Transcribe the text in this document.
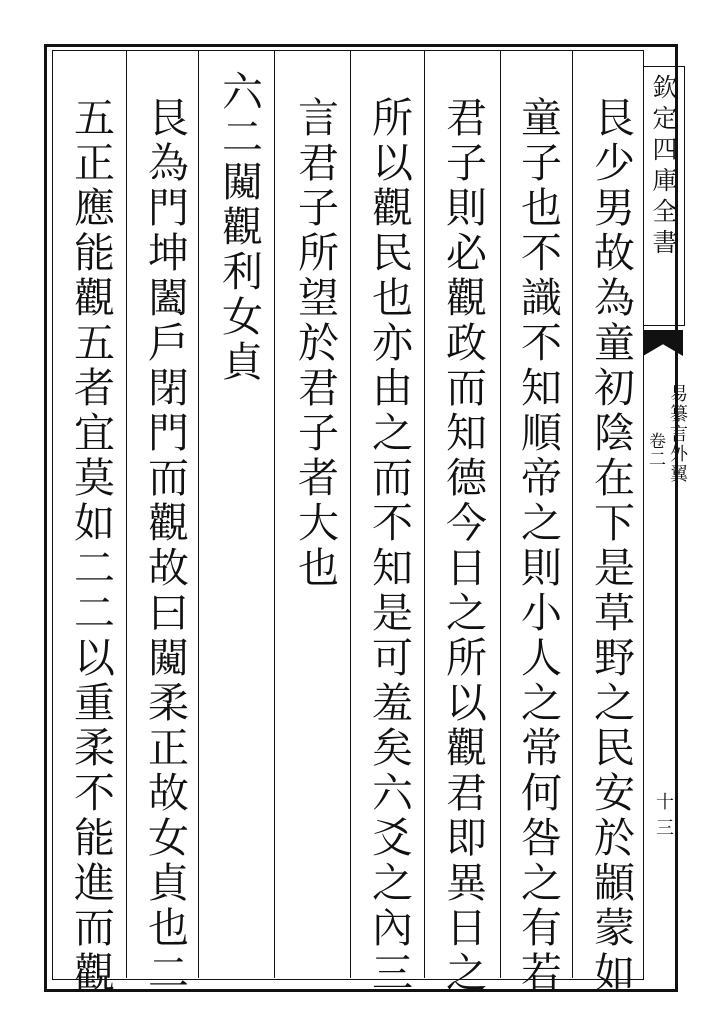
欽定四庫全書
易纂言外翼
卷二
十三
艮少男故為童初陰在下是草野之民安於顓蒙如
童子也不識不知順帝之則小人之常何咎之有若
君子則必觀政而知德今日之所以觀君即異日之
所以觀民也亦由之而不知是可羞矣六爻之內三
言君子所望於君子者大也
六二闚觀利女貞
艮為門坤闔戶閉門而觀故曰闚柔正故女貞也二
五正應能觀五者宜莫如二二以重柔不能進而觀
